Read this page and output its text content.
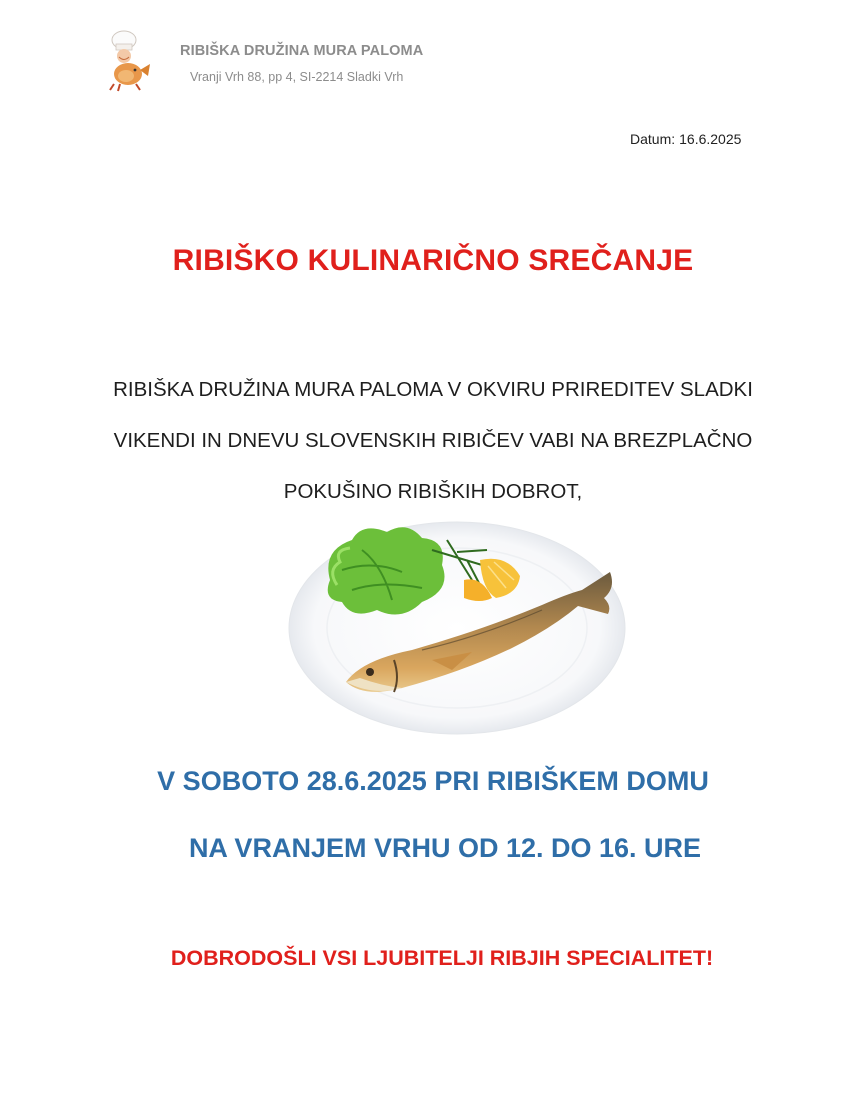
RIBIŠKA DRUŽINA MURA PALOMA
Vranji Vrh 88, pp 4, SI-2214 Sladki Vrh
Datum: 16.6.2025
RIBIŠKO KULINARIČNO SREČANJE
RIBIŠKA DRUŽINA MURA PALOMA V OKVIRU PRIREDITEV SLADKI
VIKENDI IN DNEVU SLOVENSKIH RIBIČEV VABI NA BREZPLAČNO
POKUŠINO RIBIŠKIH DOBROT,
V SOBOTO 28.6.2025 PRI RIBIŠKEM DOMU
NA VRANJEM VRHU OD 12. DO 16. URE
DOBRODOŠLI VSI LJUBITELJI RIBJIH SPECIALITET!
